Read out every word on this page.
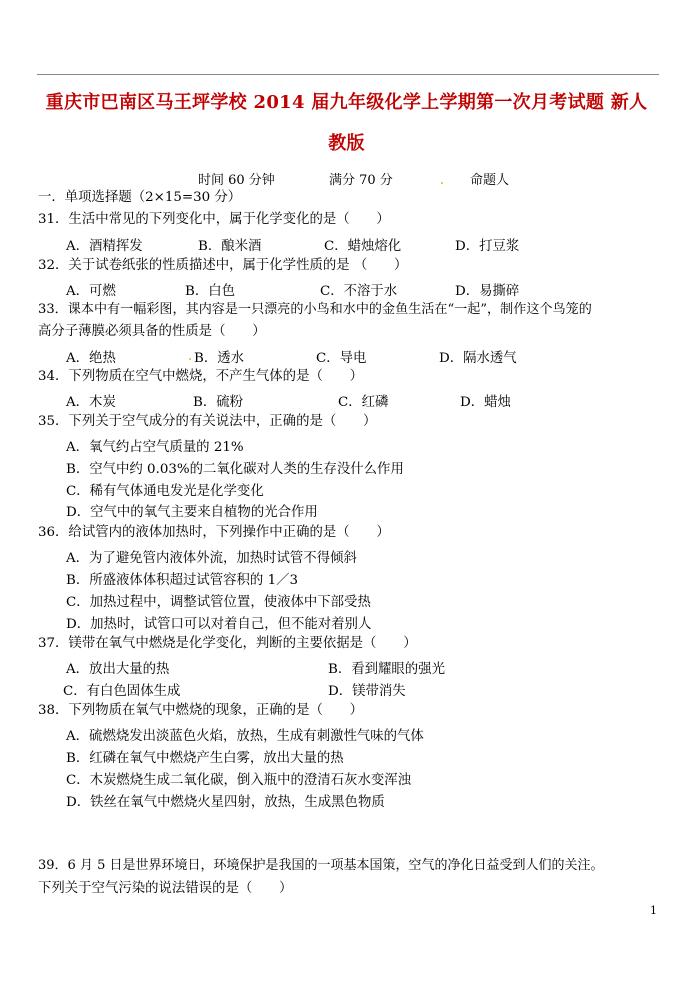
重庆市巴南区马王坪学校 2014 届九年级化学上学期第一次月考试题 新人
教版
时间 60 分钟	满分 70 分	命题人
一．单项选择题（2×15=30 分）
31．生活中常见的下列变化中，属于化学变化的是（　　）
A．酒精挥发	B．酿米酒	C．蜡烛熔化	D．打豆浆
32．关于试卷纸张的性质描述中，属于化学性质的是 （　　）
A．可燃	B．白色	C．不溶于水	D．易撕碎
33．课本中有一幅彩图，其内容是一只漂亮的小鸟和水中的金鱼生活在“一起”，制作这个鸟笼的
高分子薄膜必须具备的性质是（　　）
A．绝热	B．透水	C．导电	D．隔水透气
34．下列物质在空气中燃烧，不产生气体的是（　　）
A．木炭	B．硫粉	C．红磷	D．蜡烛
35．下列关于空气成分的有关说法中，正确的是（　　）
A．氧气约占空气质量的 21%
B．空气中约 0.03%的二氧化碳对人类的生存没什么作用
C．稀有气体通电发光是化学变化
D．空气中的氧气主要来自植物的光合作用
36．给试管内的液体加热时，下列操作中正确的是（　　）
A．为了避免管内液体外流，加热时试管不得倾斜
B．所盛液体体积超过试管容积的 1／3
C．加热过程中，调整试管位置，使液体中下部受热
D．加热时，试管口可以对着自己，但不能对着别人
37．镁带在氧气中燃烧是化学变化，判断的主要依据是（　　）
A．放出大量的热	B．看到耀眼的强光
C．有白色固体生成	D．镁带消失
38．下列物质在氧气中燃烧的现象，正确的是（　　）
A．硫燃烧发出淡蓝色火焰，放热，生成有刺激性气味的气体
B．红磷在氧气中燃烧产生白雾，放出大量的热
C．木炭燃烧生成二氧化碳，倒入瓶中的澄清石灰水变浑浊
D．铁丝在氧气中燃烧火星四射，放热，生成黑色物质
39．6 月 5 日是世界环境日，环境保护是我国的一项基本国策，空气的净化日益受到人们的关注。
下列关于空气污染的说法错误的是（　　）
1
